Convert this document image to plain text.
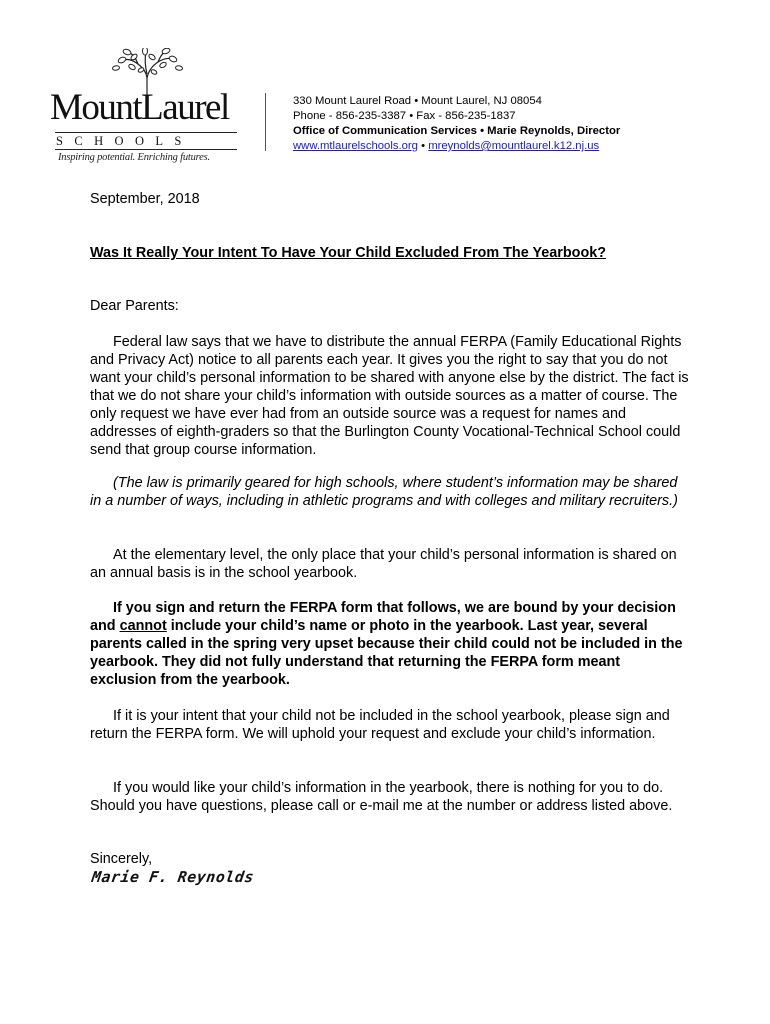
MountLaurel
SCHOOLS
Inspiring potential. Enriching futures.
330 Mount Laurel Road • Mount Laurel, NJ 08054
Phone - 856-235-3387 • Fax - 856-235-1837
Office of Communication Services • Marie Reynolds, Director
www.mtlaurelschools.org • mreynolds@mountlaurel.k12.nj.us

September, 2018

Was It Really Your Intent To Have Your Child Excluded From The Yearbook?

Dear Parents:

Federal law says that we have to distribute the annual FERPA (Family Educational Rights and Privacy Act) notice to all parents each year. It gives you the right to say that you do not want your child’s personal information to be shared with anyone else by the district. The fact is that we do not share your child’s information with outside sources as a matter of course. The only request we have ever had from an outside source was a request for names and addresses of eighth-graders so that the Burlington County Vocational-Technical School could send that group course information.

(The law is primarily geared for high schools, where student’s information may be shared in a number of ways, including in athletic programs and with colleges and military recruiters.)

At the elementary level, the only place that your child’s personal information is shared on an annual basis is in the school yearbook.

If you sign and return the FERPA form that follows, we are bound by your decision and cannot include your child’s name or photo in the yearbook. Last year, several parents called in the spring very upset because their child could not be included in the yearbook. They did not fully understand that returning the FERPA form meant exclusion from the yearbook.

If it is your intent that your child not be included in the school yearbook, please sign and return the FERPA form. We will uphold your request and exclude your child’s information.

If you would like your child’s information in the yearbook, there is nothing for you to do. Should you have questions, please call or e-mail me at the number or address listed above.

Sincerely,

Marie F. Reynolds
